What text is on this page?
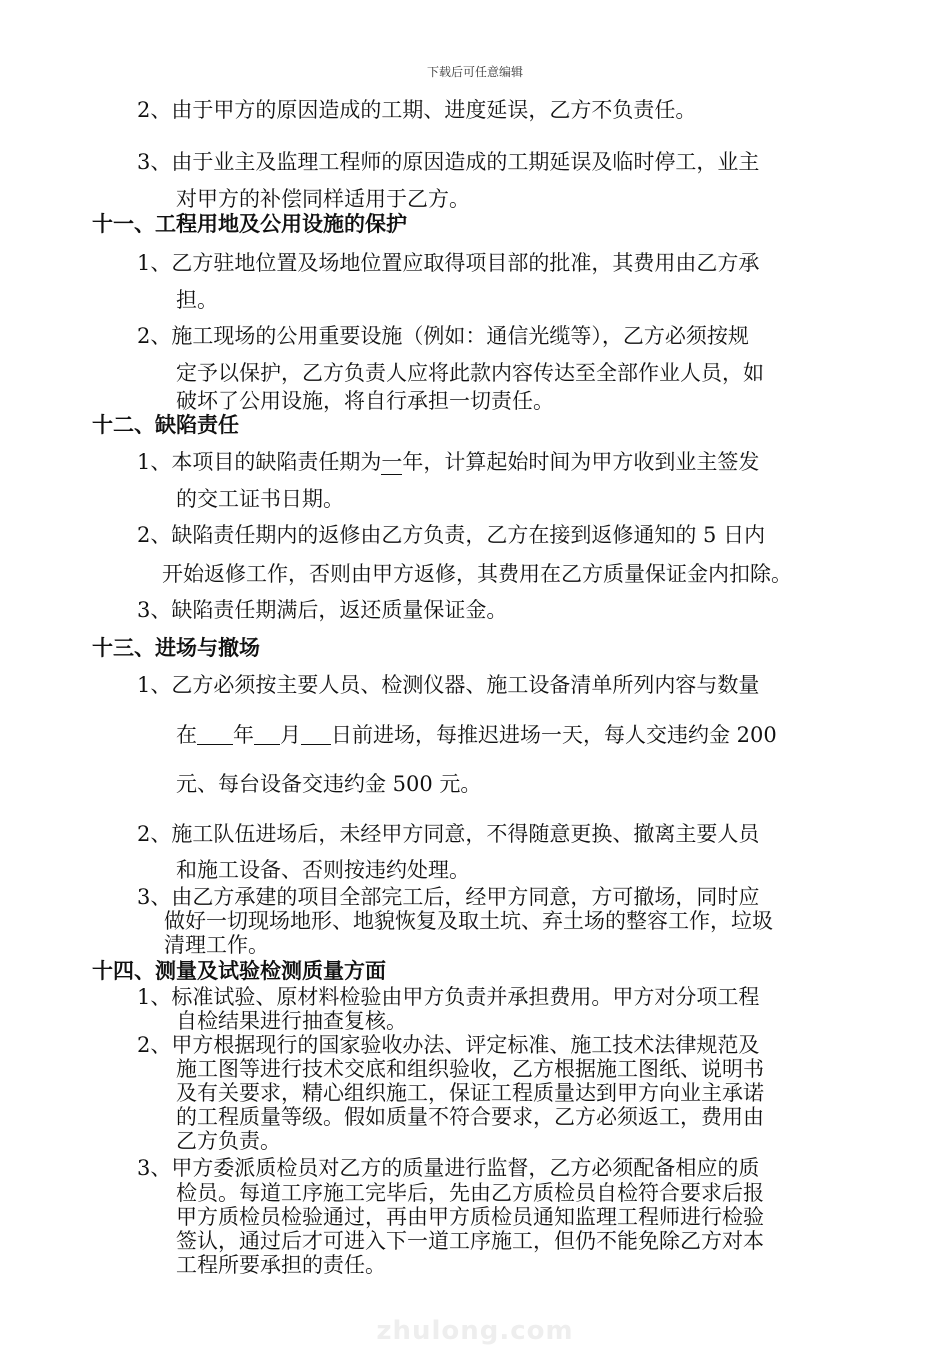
下载后可任意编辑
2、由于甲方的原因造成的工期、进度延误，乙方不负责任。
3、由于业主及监理工程师的原因造成的工期延误及临时停工，业主
对甲方的补偿同样适用于乙方。
十一、工程用地及公用设施的保护
1、乙方驻地位置及场地位置应取得项目部的批准，其费用由乙方承
担。
2、施工现场的公用重要设施（例如：通信光缆等），乙方必须按规
定予以保护，乙方负责人应将此款内容传达至全部作业人员，如
破坏了公用设施，将自行承担一切责任。
十二、缺陷责任
1、本项目的缺陷责任期为一年，计算起始时间为甲方收到业主签发
的交工证书日期。
2、缺陷责任期内的返修由乙方负责，乙方在接到返修通知的 5 日内
开始返修工作，否则由甲方返修，其费用在乙方质量保证金内扣除。
3、缺陷责任期满后，返还质量保证金。
十三、进场与撤场
1、乙方必须按主要人员、检测仪器、施工设备清单所列内容与数量
在 年 月 日前进场，每推迟进场一天，每人交违约金 200
元、每台设备交违约金 500 元。
2、施工队伍进场后，未经甲方同意，不得随意更换、撤离主要人员
和施工设备、否则按违约处理。
3、由乙方承建的项目全部完工后，经甲方同意，方可撤场，同时应
做好一切现场地形、地貌恢复及取土坑、弃土场的整容工作，垃圾
清理工作。
十四、测量及试验检测质量方面
1、标准试验、原材料检验由甲方负责并承担费用。甲方对分项工程
自检结果进行抽查复核。
2、甲方根据现行的国家验收办法、评定标准、施工技术法律规范及
施工图等进行技术交底和组织验收，乙方根据施工图纸、说明书
及有关要求，精心组织施工，保证工程质量达到甲方向业主承诺
的工程质量等级。假如质量不符合要求，乙方必须返工，费用由
乙方负责。
3、甲方委派质检员对乙方的质量进行监督，乙方必须配备相应的质
检员。每道工序施工完毕后，先由乙方质检员自检符合要求后报
甲方质检员检验通过，再由甲方质检员通知监理工程师进行检验
签认，通过后才可进入下一道工序施工，但仍不能免除乙方对本
工程所要承担的责任。
zhulong.com
